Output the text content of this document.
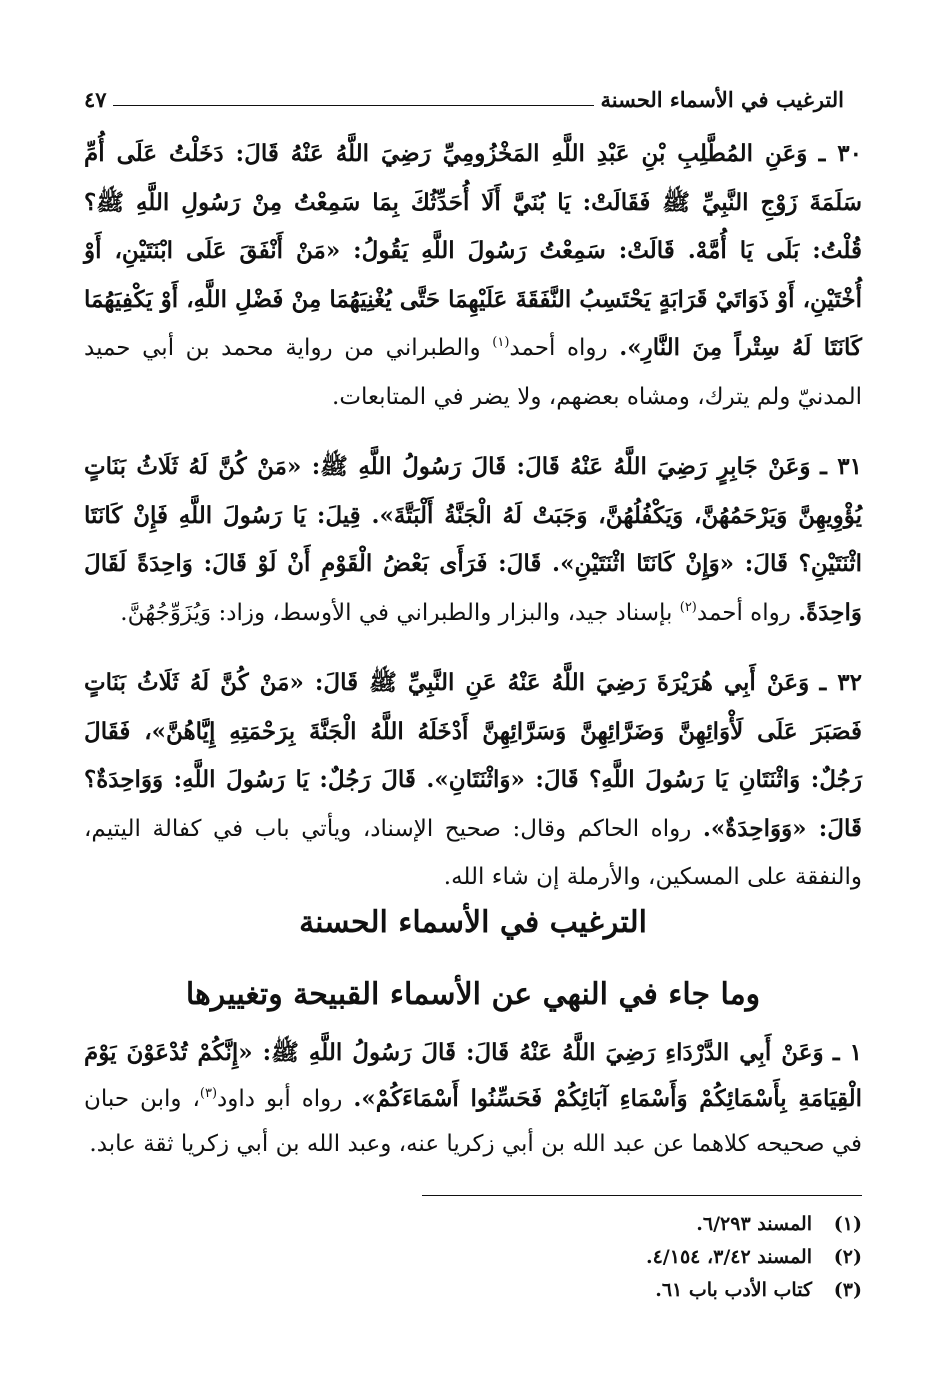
الترغيب في الأسماء الحسنة
٤٧

٣٠ ـ وَعَنِ المُطَّلِبِ بْنِ عَبْدِ اللَّهِ المَخْزُومِيِّ رَضِيَ اللَّهُ عَنْهُ قَالَ: دَخَلْتُ عَلَى أُمِّ سَلَمَةَ زَوْجِ النَّبِيِّ ﷺ فَقَالَتْ: يَا بُنَيَّ أَلَا أُحَدِّثُكَ بِمَا سَمِعْتُ مِنْ رَسُولِ اللَّهِ ﷺ؟ قُلْتُ: بَلَى يَا أُمَّهْ. قَالَتْ: سَمِعْتُ رَسُولَ اللَّهِ يَقُولُ: «مَنْ أَنْفَقَ عَلَى ابْنَتَيْنِ، أَوْ أُخْتَيْنِ، أَوْ ذَوَاتَيْ قَرَابَةٍ يَحْتَسِبُ النَّفَقَةَ عَلَيْهِمَا حَتَّى يُغْنِيَهُمَا مِنْ فَضْلِ اللَّهِ، أَوْ يَكْفِيَهُمَا كَانَتَا لَهُ سِتْراً مِنَ النَّارِ». رواه أحمد$^{(١)}$ والطبراني من رواية محمد بن أبي حميد المدنيّ ولم يترك، ومشاه بعضهم، ولا يضر في المتابعات.

٣١ ـ وَعَنْ جَابِرٍ رَضِيَ اللَّهُ عَنْهُ قَالَ: قَالَ رَسُولُ اللَّهِ ﷺ: «مَنْ كُنَّ لَهُ ثَلَاثُ بَنَاتٍ يُؤْوِيهِنَّ وَيَرْحَمُهُنَّ، وَيَكْفُلُهُنَّ، وَجَبَتْ لَهُ الْجَنَّةُ أَلْبَتَّةَ». قِيلَ: يَا رَسُولَ اللَّهِ فَإِنْ كَانَتَا اثْنَتَيْنِ؟ قَالَ: «وَإِنْ كَانَتَا اثْنَتَيْنِ». قَالَ: فَرَأَى بَعْضُ الْقَوْمِ أَنْ لَوْ قَالَ: وَاحِدَةً لَقَالَ وَاحِدَةً. رواه أحمد$^{(٢)}$ بإسناد جيد، والبزار والطبراني في الأوسط، وزاد: وَيُزَوِّجُهُنَّ.

٣٢ ـ وَعَنْ أَبِي هُرَيْرَةَ رَضِيَ اللَّهُ عَنْهُ عَنِ النَّبِيِّ ﷺ قَالَ: «مَنْ كُنَّ لَهُ ثَلَاثُ بَنَاتٍ فَصَبَرَ عَلَى لَأْوَائِهِنَّ وَضَرَّائِهِنَّ وَسَرَّائِهِنَّ أَدْخَلَهُ اللَّهُ الْجَنَّةَ بِرَحْمَتِهِ إِيَّاهُنَّ»، فَقَالَ رَجُلٌ: وَاثْنَتَانِ يَا رَسُولَ اللَّهِ؟ قَالَ: «وَاثْنَتَانِ». قَالَ رَجُلٌ: يَا رَسُولَ اللَّهِ: وَوَاحِدَةٌ؟ قَالَ: «وَوَاحِدَةٌ». رواه الحاكم وقال: صحيح الإسناد، ويأتي باب في كفالة اليتيم، والنفقة على المسكين، والأرملة إن شاء الله.

الترغيب في الأسماء الحسنة
وما جاء في النهي عن الأسماء القبيحة وتغييرها

١ ـ وَعَنْ أَبِي الدَّرْدَاءِ رَضِيَ اللَّهُ عَنْهُ قَالَ: قَالَ رَسُولُ اللَّهِ ﷺ: «إِنَّكُمْ تُدْعَوْنَ يَوْمَ الْقِيَامَةِ بِأَسْمَائِكُمْ وَأَسْمَاءِ آبَائِكُمْ فَحَسِّنُوا أَسْمَاءَكُمْ». رواه أبو داود$^{(٣)}$، وابن حبان في صحيحه كلاهما عن عبد الله بن أبي زكريا عنه، وعبد الله بن أبي زكريا ثقة عابد.

(١)
المسند ٦/٢٩٣.
(٢)
المسند ٣/٤٢، ٤/١٥٤.
(٣)
كتاب الأدب باب ٦١.
